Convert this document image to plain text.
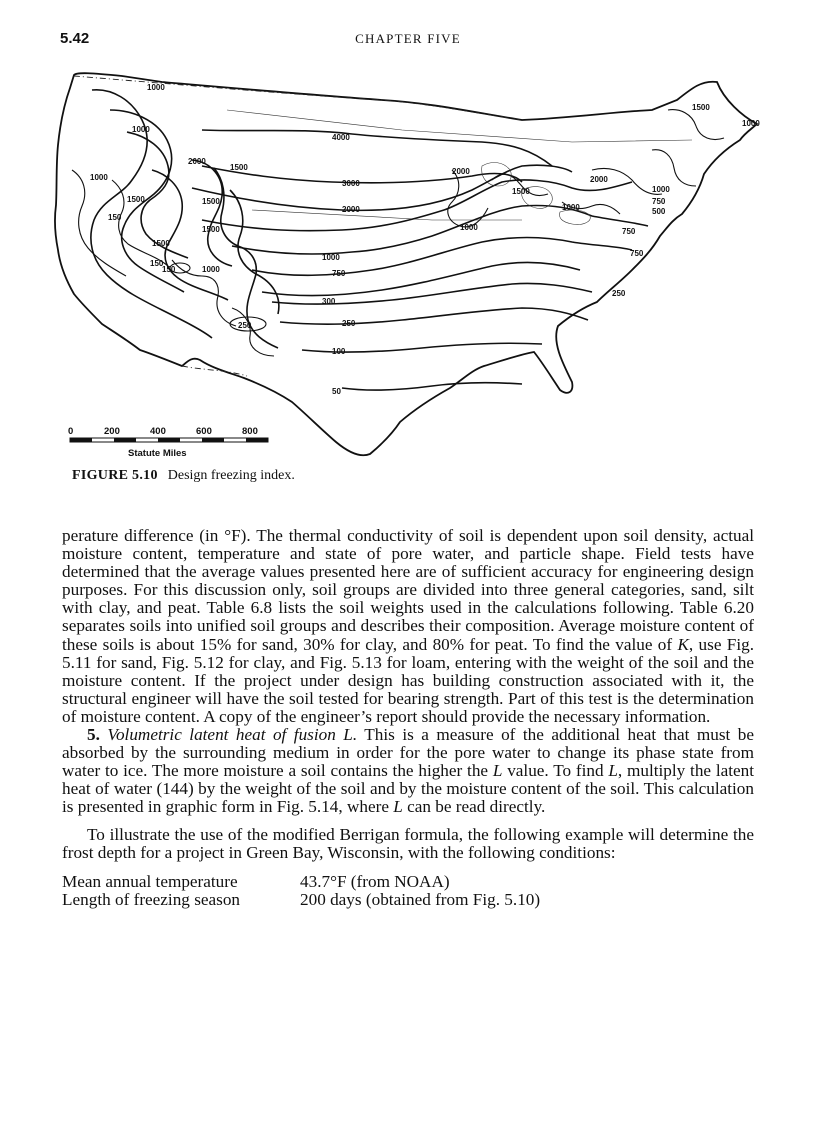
5.42	CHAPTER FIVE
1000
1000
4000
3000
2000
2000
2000
2000
1500
1500
1500
1500
1500
1500
1500
1000
1000
1000
1000
1000
1000
1000
750
750
750
750
500
300
250
250
250
150
150
150
100
50
0	200	400	600	800
Statute Miles
FIGURE 5.10 Design freezing index.

perature difference (in °F). The thermal conductivity of soil is dependent upon soil density, actual moisture content, temperature and state of pore water, and particle shape. Field tests have determined that the average values presented here are of sufficient accuracy for engineering design purposes. For this discussion only, soil groups are divided into three general categories, sand, silt with clay, and peat. Table 6.8 lists the soil weights used in the calculations following. Table 6.20 separates soils into unified soil groups and describes their composition. Average moisture content of these soils is about 15% for sand, 30% for clay, and 80% for peat. To find the value of K, use Fig. 5.11 for sand, Fig. 5.12 for clay, and Fig. 5.13 for loam, entering with the weight of the soil and the moisture content. If the project under design has building construction associated with it, the structural engineer will have the soil tested for bearing strength. Part of this test is the determination of moisture content. A copy of the engineer’s report should provide the necessary information.

5. Volumetric latent heat of fusion L. This is a measure of the additional heat that must be absorbed by the surrounding medium in order for the pore water to change its phase state from water to ice. The more moisture a soil contains the higher the L value. To find L, multiply the latent heat of water (144) by the weight of the soil and by the moisture content of the soil. This calculation is presented in graphic form in Fig. 5.14, where L can be read directly.

To illustrate the use of the modified Berrigan formula, the following example will determine the frost depth for a project in Green Bay, Wisconsin, with the following conditions:

Mean annual temperature	43.7°F (from NOAA)
Length of freezing season	200 days (obtained from Fig. 5.10)
